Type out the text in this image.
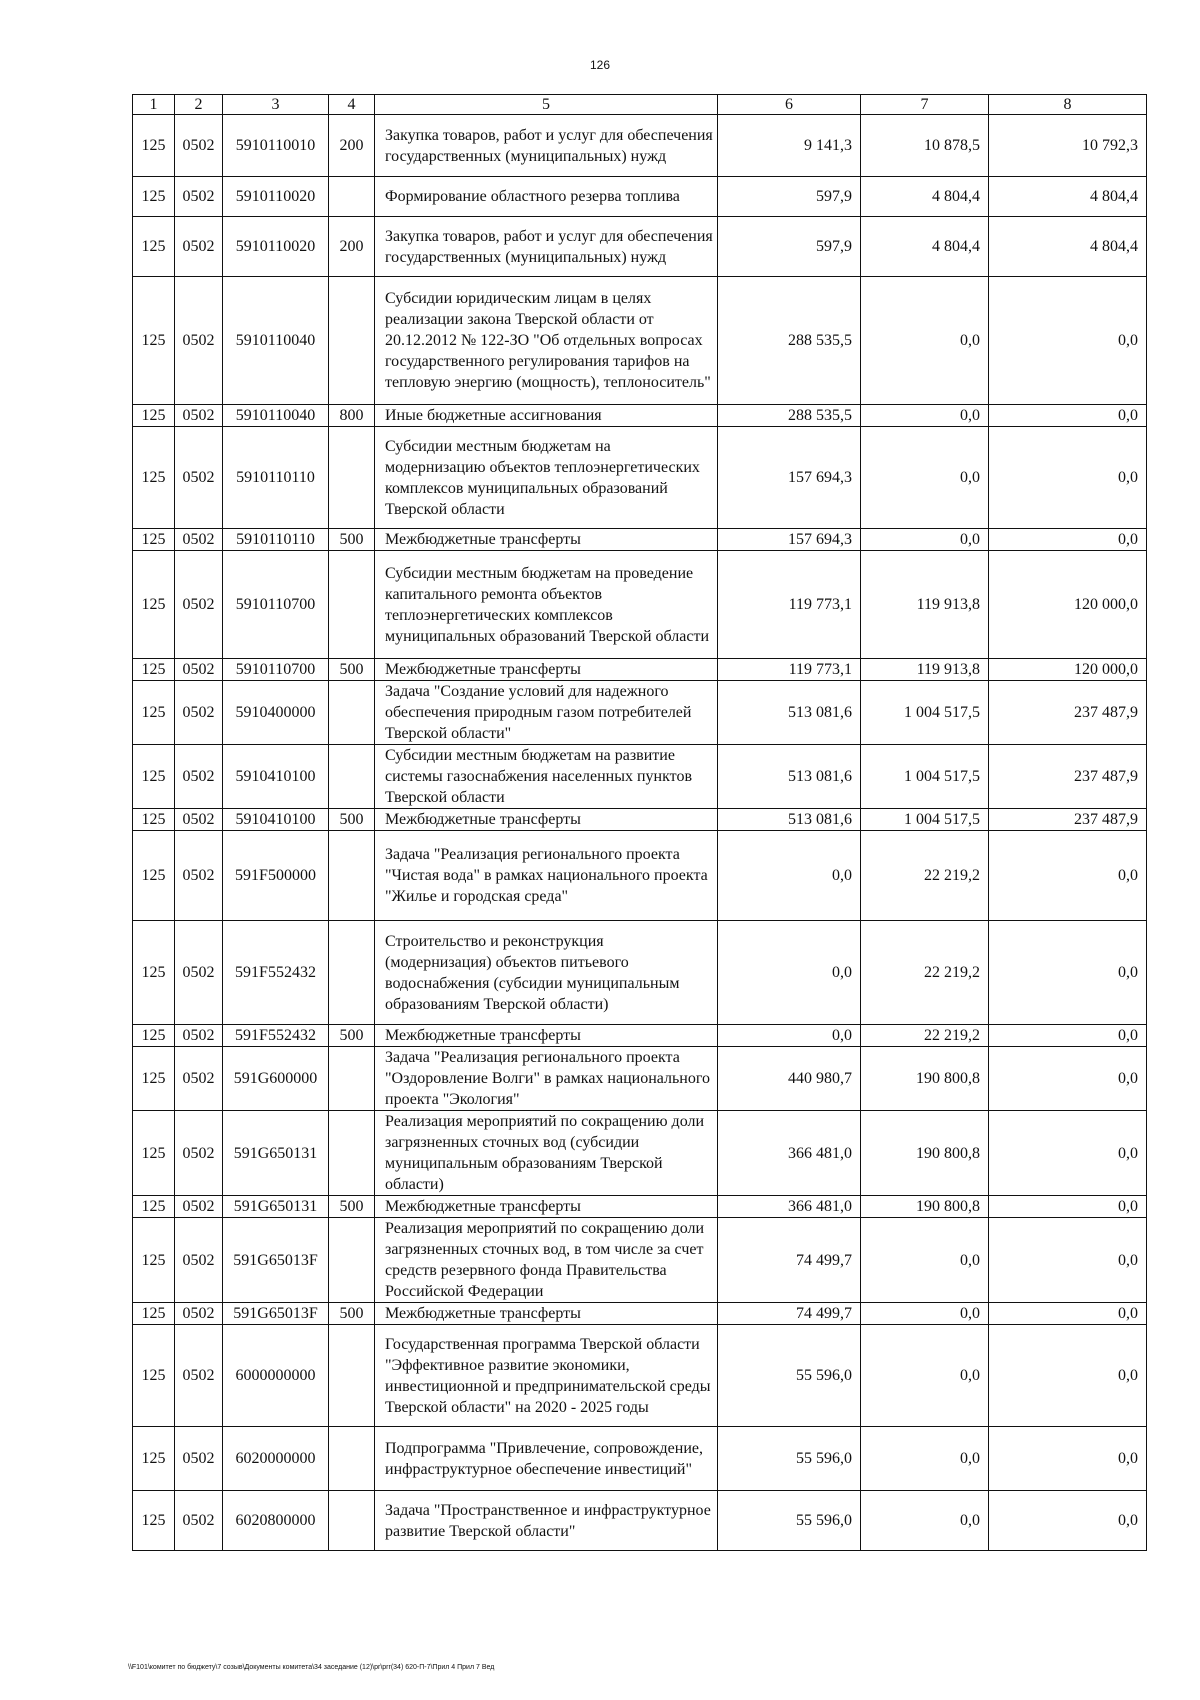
126
1	2	3	4	5	6	7	8
125	0502	5910110010	200	Закупка товаров, работ и услуг для обеспечения государственных (муниципальных) нужд	9 141,3	10 878,5	10 792,3
125	0502	5910110020		Формирование областного резерва топлива	597,9	4 804,4	4 804,4
125	0502	5910110020	200	Закупка товаров, работ и услуг для обеспечения государственных (муниципальных) нужд	597,9	4 804,4	4 804,4
125	0502	5910110040		Субсидии юридическим лицам в целях реализации закона Тверской области от 20.12.2012 № 122-ЗО "Об отдельных вопросах государственного регулирования тарифов на тепловую энергию (мощность), теплоноситель"	288 535,5	0,0	0,0
125	0502	5910110040	800	Иные бюджетные ассигнования	288 535,5	0,0	0,0
125	0502	5910110110		Субсидии местным бюджетам на модернизацию объектов теплоэнергетических комплексов муниципальных образований Тверской области	157 694,3	0,0	0,0
125	0502	5910110110	500	Межбюджетные трансферты	157 694,3	0,0	0,0
125	0502	5910110700		Субсидии местным бюджетам на проведение капитального ремонта объектов теплоэнергетических комплексов муниципальных образований Тверской области	119 773,1	119 913,8	120 000,0
125	0502	5910110700	500	Межбюджетные трансферты	119 773,1	119 913,8	120 000,0
125	0502	5910400000		Задача "Создание условий для надежного обеспечения природным газом потребителей Тверской области"	513 081,6	1 004 517,5	237 487,9
125	0502	5910410100		Субсидии местным бюджетам на развитие системы газоснабжения населенных пунктов Тверской области	513 081,6	1 004 517,5	237 487,9
125	0502	5910410100	500	Межбюджетные трансферты	513 081,6	1 004 517,5	237 487,9
125	0502	591F500000		Задача "Реализация регионального проекта "Чистая вода" в рамках национального проекта "Жилье и городская среда"	0,0	22 219,2	0,0
125	0502	591F552432		Строительство и реконструкция (модернизация) объектов питьевого водоснабжения (субсидии муниципальным образованиям Тверской области)	0,0	22 219,2	0,0
125	0502	591F552432	500	Межбюджетные трансферты	0,0	22 219,2	0,0
125	0502	591G600000		Задача "Реализация регионального проекта "Оздоровление Волги" в рамках национального проекта "Экология"	440 980,7	190 800,8	0,0
125	0502	591G650131		Реализация мероприятий по сокращению доли загрязненных сточных вод (субсидии муниципальным образованиям Тверской области)	366 481,0	190 800,8	0,0
125	0502	591G650131	500	Межбюджетные трансферты	366 481,0	190 800,8	0,0
125	0502	591G65013F		Реализация мероприятий по сокращению доли загрязненных сточных вод, в том числе за счет средств резервного фонда Правительства Российской Федерации	74 499,7	0,0	0,0
125	0502	591G65013F	500	Межбюджетные трансферты	74 499,7	0,0	0,0
125	0502	6000000000		Государственная программа Тверской области "Эффективное развитие экономики, инвестиционной и предпринимательской среды Тверской области" на 2020 - 2025 годы	55 596,0	0,0	0,0
125	0502	6020000000		Подпрограмма "Привлечение, сопровождение, инфраструктурное обеспечение инвестиций"	55 596,0	0,0	0,0
125	0502	6020800000		Задача "Пространственное и инфраструктурное развитие Тверской области"	55 596,0	0,0	0,0
\\F101\комитет по бюджету\7 созыв\Документы комитета\34 заседание (12)\pr\prr(34) 620-П-7\Прил 4 Прил 7 Вед
